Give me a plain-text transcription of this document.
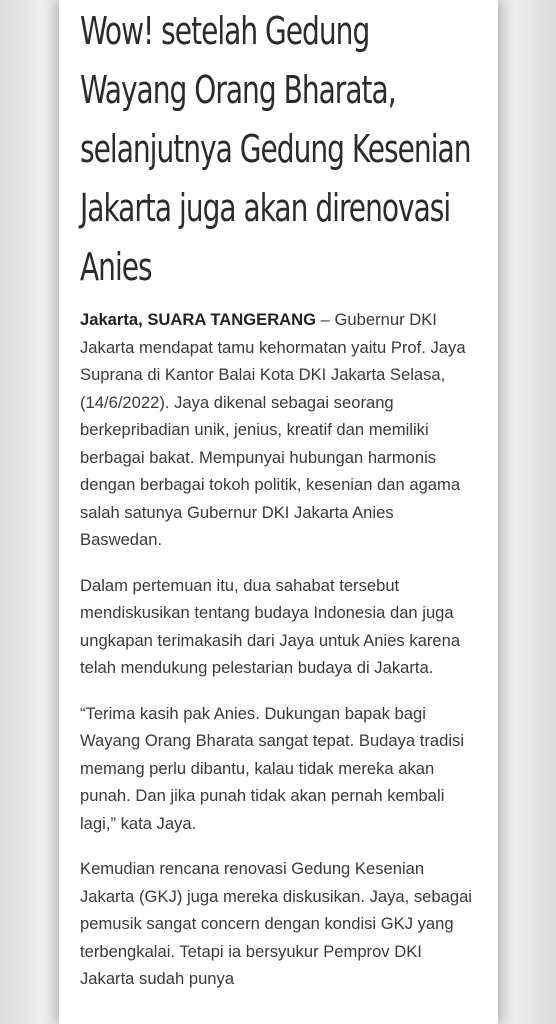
Wow! setelah Gedung Wayang Orang Bharata, selanjutnya Gedung Kesenian Jakarta juga akan direnovasi Anies

Jakarta, SUARA TANGERANG – Gubernur DKI Jakarta mendapat tamu kehormatan yaitu Prof. Jaya Suprana di Kantor Balai Kota DKI Jakarta Selasa, (14/6/2022). Jaya dikenal sebagai seorang berkepribadian unik, jenius, kreatif dan memiliki berbagai bakat. Mempunyai hubungan harmonis dengan berbagai tokoh politik, kesenian dan agama salah satunya Gubernur DKI Jakarta Anies Baswedan.

Dalam pertemuan itu, dua sahabat tersebut mendiskusikan tentang budaya Indonesia dan juga ungkapan terimakasih dari Jaya untuk Anies karena telah mendukung pelestarian budaya di Jakarta.

“Terima kasih pak Anies. Dukungan bapak bagi Wayang Orang Bharata sangat tepat. Budaya tradisi memang perlu dibantu, kalau tidak mereka akan punah. Dan jika punah tidak akan pernah kembali lagi,” kata Jaya.

Kemudian rencana renovasi Gedung Kesenian Jakarta (GKJ) juga mereka diskusikan. Jaya, sebagai pemusik sangat concern dengan kondisi GKJ yang terbengkalai. Tetapi ia bersyukur Pemprov DKI Jakarta sudah punya
